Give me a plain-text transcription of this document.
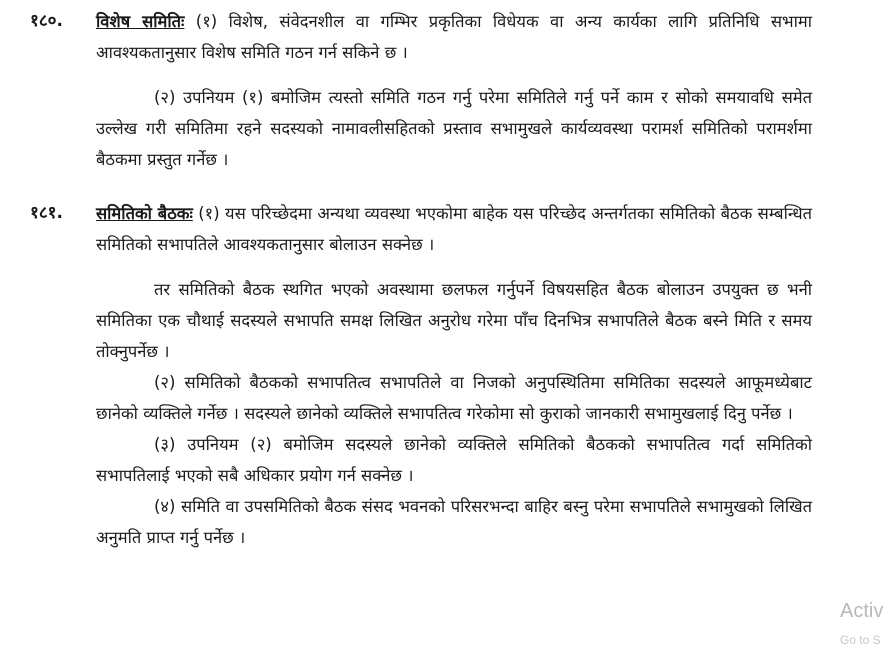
१८०. विशेष समितिः (१) विशेष, संवेदनशील वा गम्भिर प्रकृतिका विधेयक वा अन्य कार्यका लागि प्रतिनिधि सभामा आवश्यकतानुसार विशेष समिति गठन गर्न सकिने छ ।

(२) उपनियम (१) बमोजिम त्यस्तो समिति गठन गर्नु परेमा समितिले गर्नु पर्ने काम र सोको समयावधि समेत उल्लेख गरी समितिमा रहने सदस्यको नामावलीसहितको प्रस्ताव सभामुखले कार्यव्यवस्था परामर्श समितिको परामर्शमा बैठकमा प्रस्तुत गर्नेछ ।

१८१. समितिको बैठकः (१) यस परिच्छेदमा अन्यथा व्यवस्था भएकोमा बाहेक यस परिच्छेद अन्तर्गतका समितिको बैठक सम्बन्धित समितिको सभापतिले आवश्यकतानुसार बोलाउन सक्नेछ ।

तर समितिको बैठक स्थगित भएको अवस्थामा छलफल गर्नुपर्ने विषयसहित बैठक बोलाउन उपयुक्त छ भनी समितिका एक चौथाई सदस्यले सभापति समक्ष लिखित अनुरोध गरेमा पाँच दिनभित्र सभापतिले बैठक बस्ने मिति र समय तोक्नुपर्नेछ ।

(२) समितिको बैठकको सभापतित्व सभापतिले वा निजको अनुपस्थितिमा समितिका सदस्यले आफूमध्येबाट छानेको व्यक्तिले गर्नेछ । सदस्यले छानेको व्यक्तिले सभापतित्व गरेकोमा सो कुराको जानकारी सभामुखलाई दिनु पर्नेछ ।

(३) उपनियम (२) बमोजिम सदस्यले छानेको व्यक्तिले समितिको बैठकको सभापतित्व गर्दा समितिको सभापतिलाई भएको सबै अधिकार प्रयोग गर्न सक्नेछ ।

(४) समिति वा उपसमितिको बैठक संसद भवनको परिसरभन्दा बाहिर बस्नु परेमा सभापतिले सभामुखको लिखित अनुमति प्राप्त गर्नु पर्नेछ ।

Activ
Go to S
